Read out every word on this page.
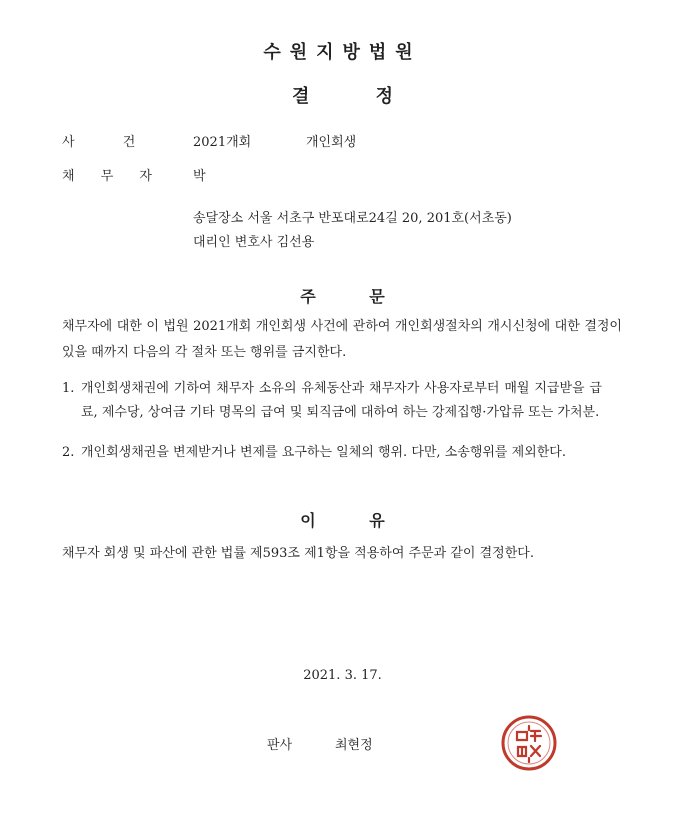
수원지방법원
결 정
사 건	2021개회	개인회생
채 무 자	박
송달장소 서울 서초구 반포대로24길 20, 201호(서초동)
대리인 변호사 김선용
주 문
채무자에 대한 이 법원 2021개회 개인회생 사건에 관하여 개인회생절차의 개시신청에 대한 결정이 있을 때까지 다음의 각 절차 또는 행위를 금지한다.
1. 개인회생채권에 기하여 채무자 소유의 유체동산과 채무자가 사용자로부터 매월 지급받을 급료, 제수당, 상여금 기타 명목의 급여 및 퇴직금에 대하여 하는 강제집행·가압류 또는 가처분.
2. 개인회생채권을 변제받거나 변제를 요구하는 일체의 행위. 다만, 소송행위를 제외한다.
이 유
채무자 회생 및 파산에 관한 법률 제593조 제1항을 적용하여 주문과 같이 결정한다.
2021. 3. 17.
판사	최현정
